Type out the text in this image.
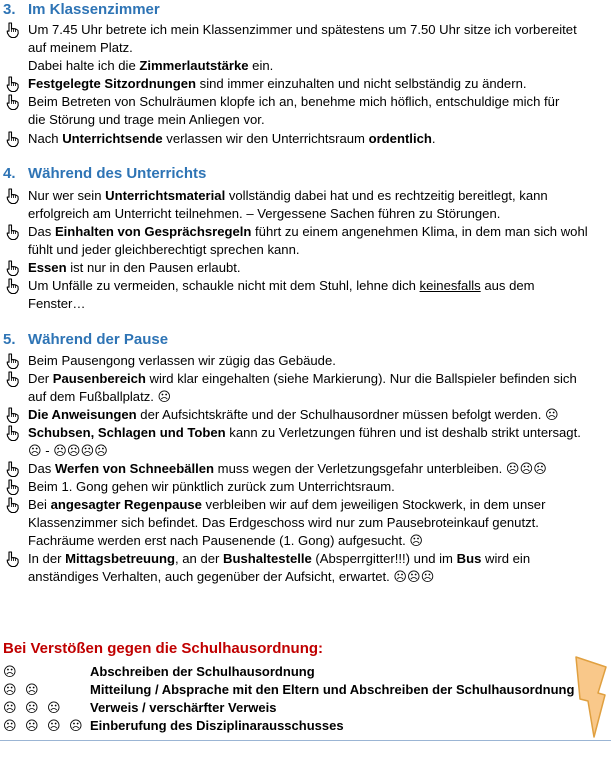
3. Im Klassenzimmer
Um 7.45 Uhr betrete ich mein Klassenzimmer und spätestens um 7.50 Uhr sitze ich vorbereitet
auf meinem Platz.
Dabei halte ich die Zimmerlautstärke ein.
Festgelegte Sitzordnungen sind immer einzuhalten und nicht selbständig zu ändern.
Beim Betreten von Schulräumen klopfe ich an, benehme mich höflich, entschuldige mich für
die Störung und trage mein Anliegen vor.
Nach Unterrichtsende verlassen wir den Unterrichtsraum ordentlich.
4. Während des Unterrichts
Nur wer sein Unterrichtsmaterial vollständig dabei hat und es rechtzeitig bereitlegt, kann
erfolgreich am Unterricht teilnehmen. – Vergessene Sachen führen zu Störungen.
Das Einhalten von Gesprächsregeln führt zu einem angenehmen Klima, in dem man sich wohl
fühlt und jeder gleichberechtigt sprechen kann.
Essen ist nur in den Pausen erlaubt.
Um Unfälle zu vermeiden, schaukle nicht mit dem Stuhl, lehne dich keinesfalls aus dem
Fenster…
5. Während der Pause
Beim Pausengong verlassen wir zügig das Gebäude.
Der Pausenbereich wird klar eingehalten (siehe Markierung). Nur die Ballspieler befinden sich
auf dem Fußballplatz. ☹
Die Anweisungen der Aufsichtskräfte und der Schulhausordner müssen befolgt werden. ☹
Schubsen, Schlagen und Toben kann zu Verletzungen führen und ist deshalb strikt untersagt.
☹ - ☹☹☹☹
Das Werfen von Schneebällen muss wegen der Verletzungsgefahr unterbleiben. ☹☹☹
Beim 1. Gong gehen wir pünktlich zurück zum Unterrichtsraum.
Bei angesagter Regenpause verbleiben wir auf dem jeweiligen Stockwerk, in dem unser
Klassenzimmer sich befindet. Das Erdgeschoss wird nur zum Pausebroteinkauf genutzt.
Fachräume werden erst nach Pausenende (1. Gong) aufgesucht. ☹
In der Mittagsbetreuung, an der Bushaltestelle (Absperrgitter!!!) und im Bus wird ein
anständiges Verhalten, auch gegenüber der Aufsicht, erwartet. ☹☹☹
Bei Verstößen gegen die Schulhausordnung:
☹	Abschreiben der Schulhausordnung
☹ ☹	Mitteilung / Absprache mit den Eltern und Abschreiben der Schulhausordnung
☹ ☹ ☹	Verweis / verschärfter Verweis
☹ ☹ ☹ ☹ Einberufung des Disziplinarausschusses
